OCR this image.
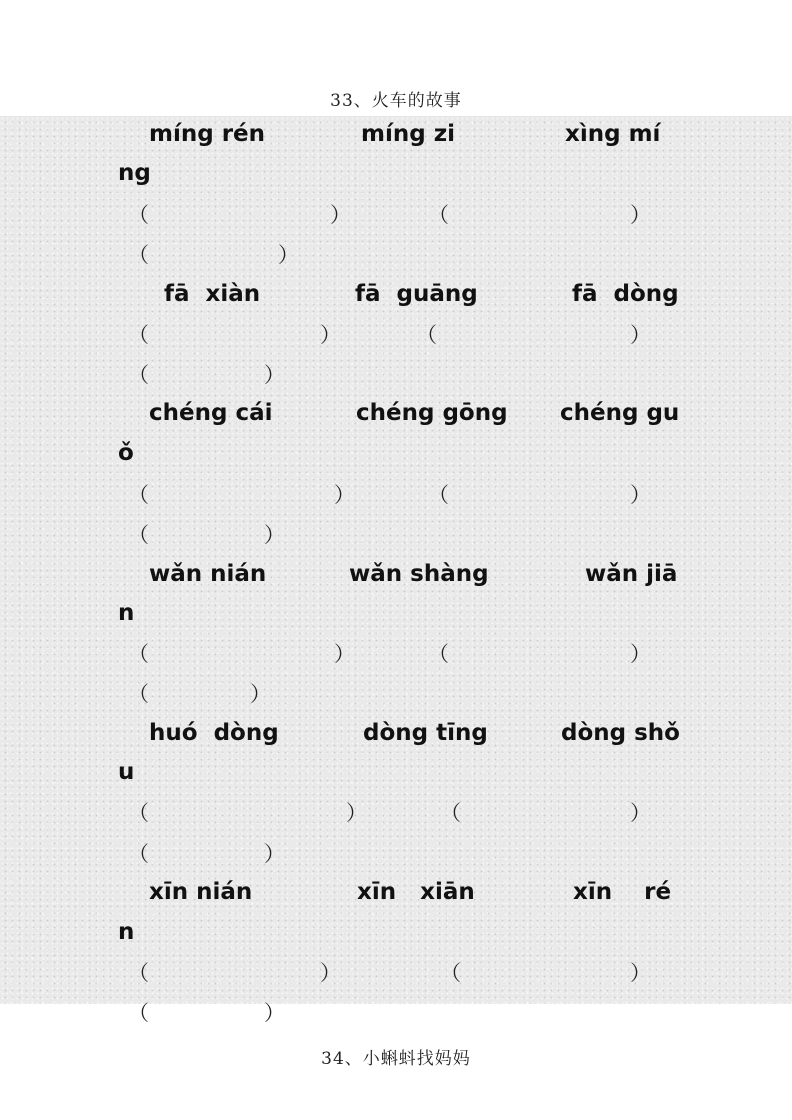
33、火车的故事
míng rén	míng zi	xìng mí
ng
（	）	（	）
（	）
fā  xiàn	fā  guāng	fā  dòng
（	）	（	）
（	）
chéng cái	chéng gōng chéng gu
ǒ
（	）	（	）
（	）
wǎn nián	wǎn shàng	wǎn jiā
n
（	）	（	）
（	）
huó  dòng	dòng tīng	dòng shǒ
u
（	）	（	）
（	）
xīn nián	xīn   xiān	xīn    ré
n
（	）	（	）
（	）
34、小蝌蚪找妈妈
